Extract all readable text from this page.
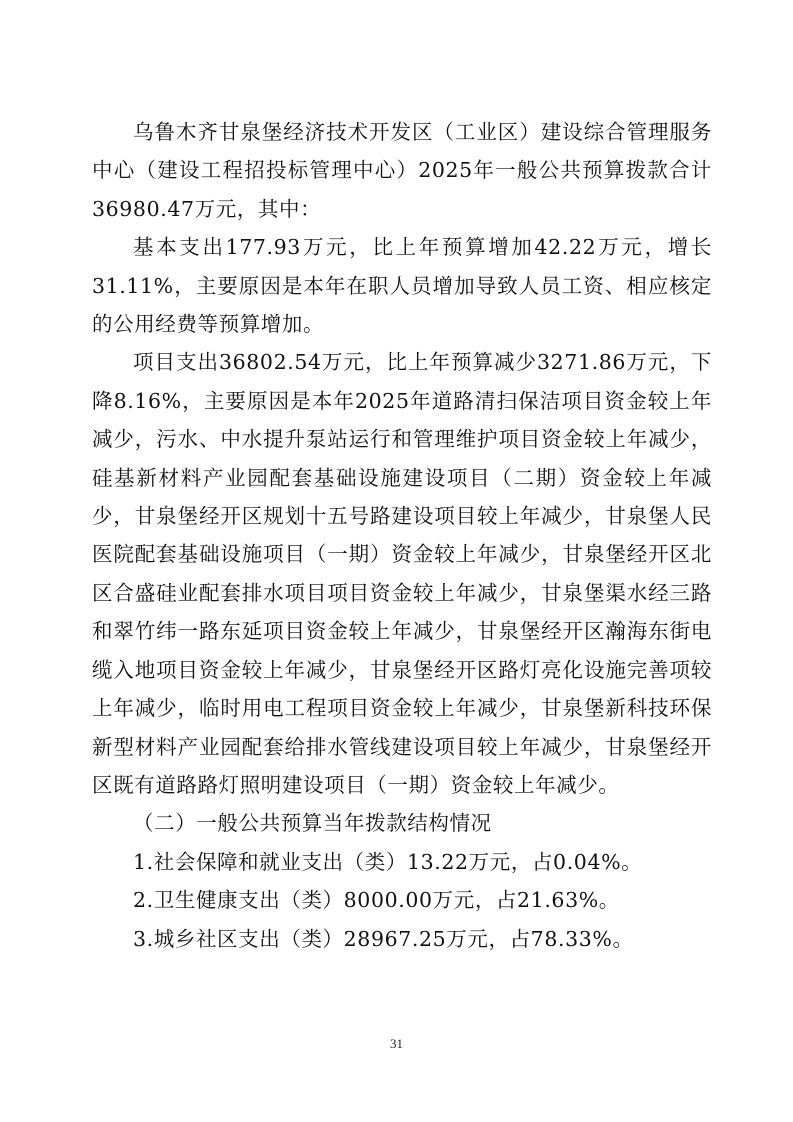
乌鲁木齐甘泉堡经济技术开发区（工业区）建设综合管理服务中心（建设工程招投标管理中心）2025年一般公共预算拨款合计36980.47万元，其中：

基本支出177.93万元，比上年预算增加42.22万元，增长31.11%，主要原因是本年在职人员增加导致人员工资、相应核定的公用经费等预算增加。

项目支出36802.54万元，比上年预算减少3271.86万元，下降8.16%，主要原因是本年2025年道路清扫保洁项目资金较上年减少，污水、中水提升泵站运行和管理维护项目资金较上年减少，硅基新材料产业园配套基础设施建设项目（二期）资金较上年减少，甘泉堡经开区规划十五号路建设项目较上年减少，甘泉堡人民医院配套基础设施项目（一期）资金较上年减少，甘泉堡经开区北区合盛硅业配套排水项目项目资金较上年减少，甘泉堡渠水经三路和翠竹纬一路东延项目资金较上年减少，甘泉堡经开区瀚海东街电缆入地项目资金较上年减少，甘泉堡经开区路灯亮化设施完善项较上年减少，临时用电工程项目资金较上年减少，甘泉堡新科技环保新型材料产业园配套给排水管线建设项目较上年减少，甘泉堡经开区既有道路路灯照明建设项目（一期）资金较上年减少。

（二）一般公共预算当年拨款结构情况

1.社会保障和就业支出（类）13.22万元，占0.04%。

2.卫生健康支出（类）8000.00万元，占21.63%。

3.城乡社区支出（类）28967.25万元，占78.33%。

31
